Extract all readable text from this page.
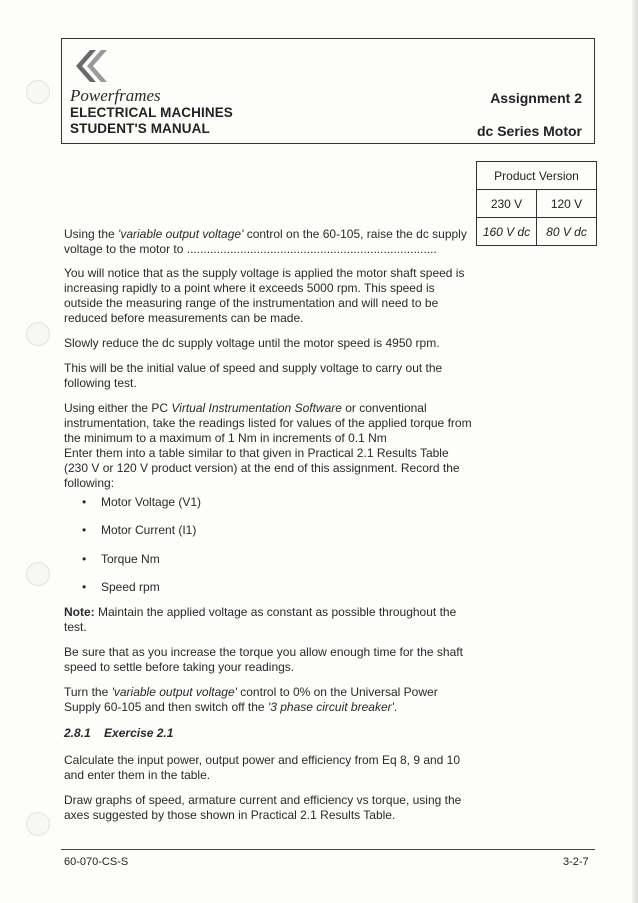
Powerframes
ELECTRICAL MACHINES
STUDENT'S MANUAL
Assignment 2
dc Series Motor
Product Version	
230 V	120 V
160 V dc	80 V dc

Using the 'variable output voltage' control on the 60-105, raise the dc supply voltage to the motor to ...........................................................................

You will notice that as the supply voltage is applied the motor shaft speed is increasing rapidly to a point where it exceeds 5000 rpm. This speed is outside the measuring range of the instrumentation and will need to be reduced before measurements can be made.
Slowly reduce the dc supply voltage until the motor speed is 4950 rpm.
This will be the initial value of speed and supply voltage to carry out the following test.

Using either the PC Virtual Instrumentation Software or conventional instrumentation, take the readings listed for values of the applied torque from the minimum to a maximum of 1 Nm in increments of 0.1 Nm

Enter them into a table similar to that given in Practical 2.1 Results Table (230 V or 120 V product version) at the end of this assignment. Record the following:

• Motor Voltage (V1)
• Motor Current (I1)
• Torque Nm
• Speed rpm

Note: Maintain the applied voltage as constant as possible throughout the test.

Be sure that as you increase the torque you allow enough time for the shaft speed to settle before taking your readings.

Turn the 'variable output voltage' control to 0% on the Universal Power Supply 60-105 and then switch off the '3 phase circuit breaker'.

2.8.1 Exercise 2.1

Calculate the input power, output power and efficiency from Eq 8, 9 and 10 and enter them in the table.
Draw graphs of speed, armature current and efficiency vs torque, using the axes suggested by those shown in Practical 2.1 Results Table.
60-070-CS-S	3-2-7
